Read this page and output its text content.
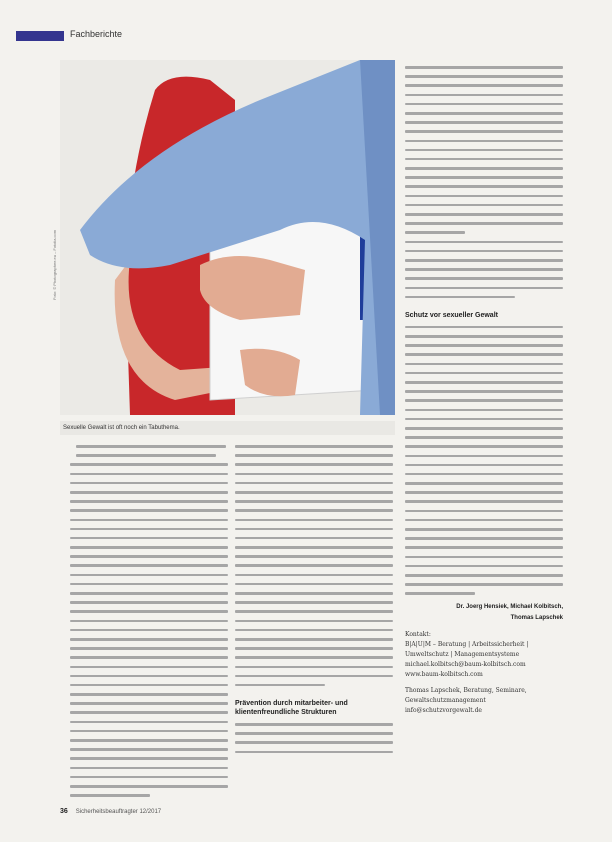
Fachberichte
Foto: © Photographee.eu – Fotolia.com
Sexuelle Gewalt ist oft noch ein Tabuthema.
Prävention durch mitarbeiter- und klientenfreundliche Strukturen
Schutz vor sexueller Gewalt
Dr. Joerg Hensiek, Michael Kolbitsch,
Thomas Lapschek
Kontakt:
B|A|U|M – Beratung | Arbeitssicherheit |
Umweltschutz | Managementsysteme
michael.kolbitsch@baum-kolbitsch.com
www.baum-kolbitsch.com
Thomas Lapschek, Beratung, Seminare,
Gewaltschutzmanagement
info@schutzvorgewalt.de
36 Sicherheitsbeauftragter 12/2017
